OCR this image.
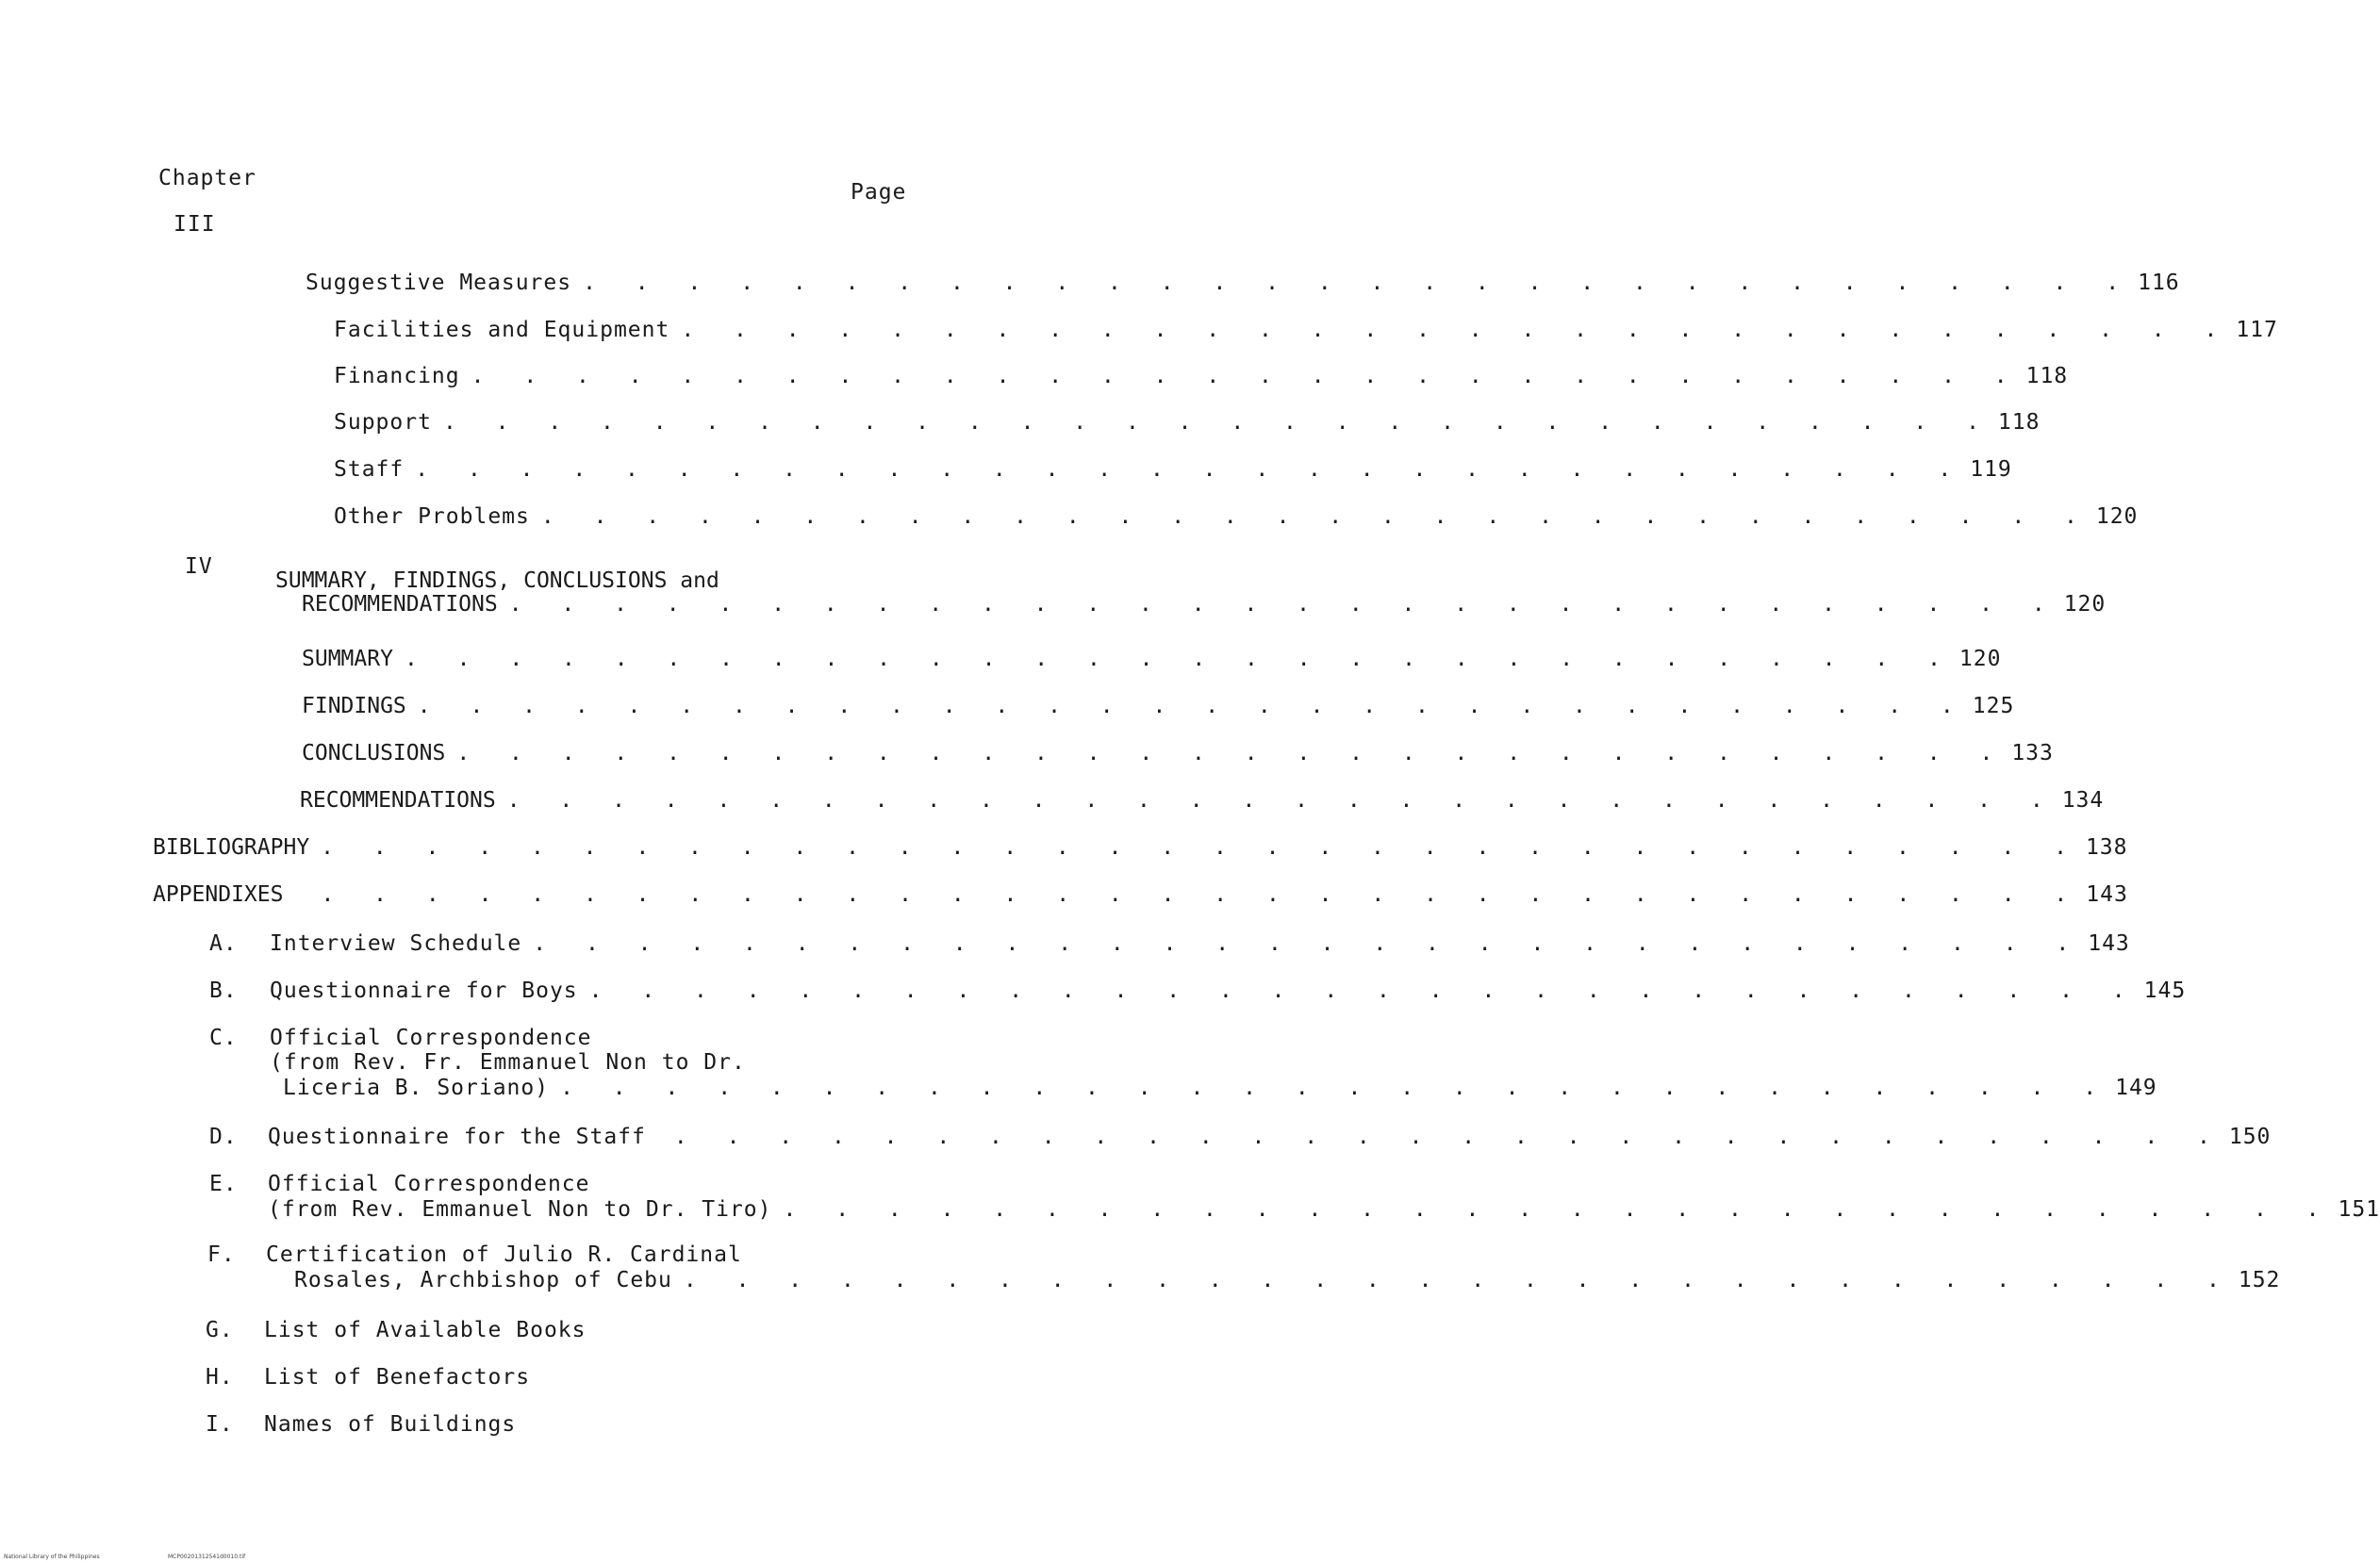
Chapter
Page
III
Suggestive Measures . . . . . . . . . . . . . . . . . . . . . . . . . . . . . . 116
Facilities and Equipment . . . . . . . . . . . . . . . . . . . . . . . . . . . . . . 117
Financing . . . . . . . . . . . . . . . . . . . . . . . . . . . . . . 118
Support . . . . . . . . . . . . . . . . . . . . . . . . . . . . . . 118
Staff . . . . . . . . . . . . . . . . . . . . . . . . . . . . . . 119
Other Problems . . . . . . . . . . . . . . . . . . . . . . . . . . . . . . 120
IV
SUMMARY, FINDINGS, CONCLUSIONS and
RECOMMENDATIONS . . . . . . . . . . . . . . . . . . . . . . . . . . . . . . 120
SUMMARY . . . . . . . . . . . . . . . . . . . . . . . . . . . . . . 120
FINDINGS . . . . . . . . . . . . . . . . . . . . . . . . . . . . . . 125
CONCLUSIONS . . . . . . . . . . . . . . . . . . . . . . . . . . . . . . 133
RECOMMENDATIONS . . . . . . . . . . . . . . . . . . . . . . . . . . . . . . 134
BIBLIOGRAPHY . . . . . . . . . . . . . . . . . . . . . . . . . . . . . . . . . . 138
APPENDIXES	. . . . . . . . . . . . . . . . . . . . . . . . . . . . . . . . . . 143
A. Interview Schedule . . . . . . . . . . . . . . . . . . . . . . . . . . . . . . 143
B. Questionnaire for Boys . . . . . . . . . . . . . . . . . . . . . . . . . . . . . . 145
C. Official Correspondence
(from Rev. Fr. Emmanuel Non to Dr.
Liceria B. Soriano) . . . . . . . . . . . . . . . . . . . . . . . . . . . . . . 149
D. Questionnaire for the Staff	. . . . . . . . . . . . . . . . . . . . . . . . . . . . . . 150
E. Official Correspondence
(from Rev. Emmanuel Non to Dr. Tiro) . . . . . . . . . . . . . . . . . . . . . . . . . . . . . . 151
F. Certification of Julio R. Cardinal
Rosales, Archbishop of Cebu . . . . . . . . . . . . . . . . . . . . . . . . . . . . . . 152
G. List of Available Books
H. List of Benefactors
I. Names of Buildings
National Library of the Philippines	MCP00201312541d0010.tif
